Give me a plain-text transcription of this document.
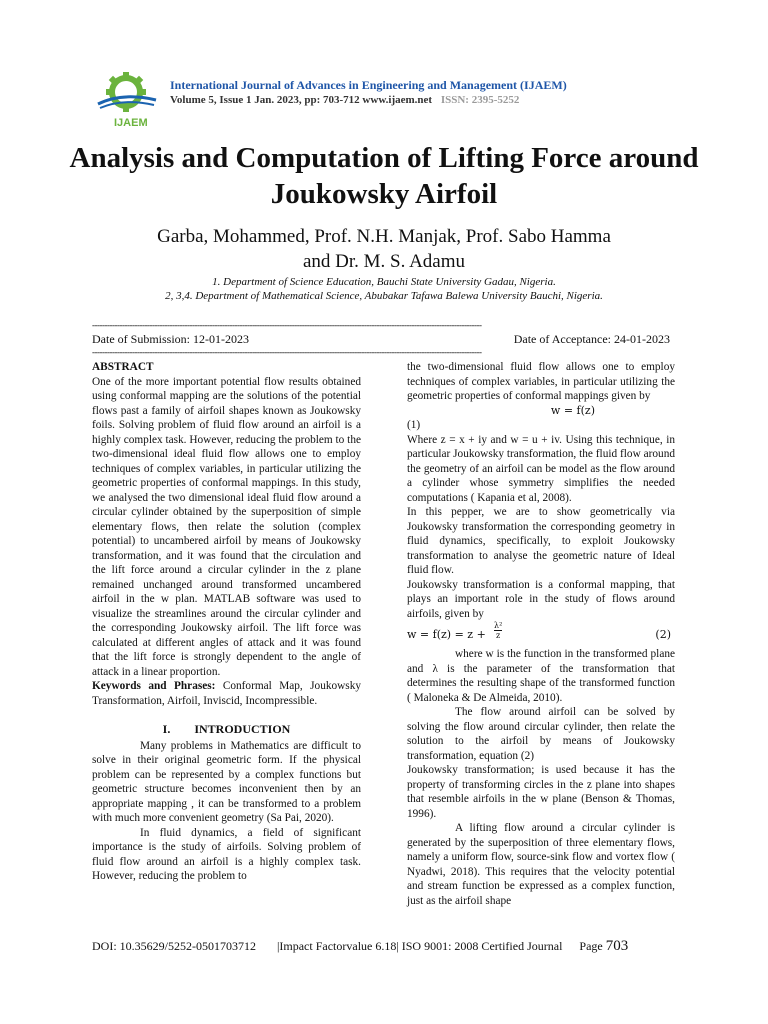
IJAEM
International Journal of Advances in Engineering and Management (IJAEM)
Volume 5, Issue 1 Jan. 2023, pp: 703-712 www.ijaem.net ISSN: 2395-5252
Analysis and Computation of Lifting Force around Joukowsky Airfoil
Garba, Mohammed, Prof. N.H. Manjak, Prof. Sabo Hamma
and Dr. M. S. Adamu
1. Department of Science Education, Bauchi State University Gadau, Nigeria.
2, 3,4. Department of Mathematical Science, Abubakar Tafawa Balewa University Bauchi, Nigeria.
------------------------------------------------------------------------------------------------------------------------------------------------------------
Date of Submission: 12-01-2023	Date of Acceptance: 24-01-2023
------------------------------------------------------------------------------------------------------------------------------------------------------------

ABSTRACT

One of the more important potential flow results obtained using conformal mapping are the solutions of the potential flows past a family of airfoil shapes known as Joukowsky foils. Solving problem of fluid flow around an airfoil is a highly complex task. However, reducing the problem to the two-dimensional ideal fluid flow allows one to employ techniques of complex variables, in particular utilizing the geometric properties of conformal mappings. In this study, we analysed the two dimensional ideal fluid flow around a circular cylinder obtained by the superposition of simple elementary flows, then relate the solution (complex potential) to uncambered airfoil by means of Joukowsky transformation, and it was found that the circulation and the lift force around a circular cylinder in the z plane remained unchanged around transformed uncambered airfoil in the w plan. MATLAB software was used to visualize the streamlines around the circular cylinder and the corresponding Joukowsky airfoil. The lift force was calculated at different angles of attack and it was found that the lift force is strongly dependent to the angle of attack in a linear proportion.

Keywords and Phrases: Conformal Map, Joukowsky Transformation, Airfoil, Inviscid, Incompressible.

I.        INTRODUCTION

Many problems in Mathematics are difficult to solve in their original geometric form. If the physical problem can be represented by a complex functions but geometric structure becomes inconvenient then by an appropriate mapping , it can be transformed to a problem with much more convenient geometry (Sa Pai, 2020).

In fluid dynamics, a field of significant importance is the study of airfoils. Solving problem of fluid flow around an airfoil is a highly complex task. However, reducing the problem to

the two-dimensional fluid flow allows one to employ techniques of complex variables, in particular utilizing the geometric properties of conformal mappings given by

w = f(z)

(1)

Where z = x + iy and w = u + iv. Using this technique, in particular Joukowsky transformation, the fluid flow around the geometry of an airfoil can be model as the flow around a cylinder whose symmetry simplifies the needed computations ( Kapania et al, 2008).

In this pepper, we are to show geometrically via Joukowsky transformation the corresponding geometry in fluid dynamics, specifically, to exploit Joukowsky transformation to analyse the geometric nature of Ideal fluid flow.

Joukowsky transformation is a conformal mapping, that plays an important role in the study of flows around airfoils, given by

$w = f(z) = z + \frac{\text{λ²}}{z}$	(2)

where w is the function in the transformed plane and λ is the parameter of the transformation that determines the resulting shape of the transformed function ( Maloneka & De Almeida, 2010).

The flow around airfoil can be solved by solving the flow around circular cylinder, then relate the solution to the airfoil by means of Joukowsky transformation, equation (2)

Joukowsky transformation; is used because it has the property of transforming circles in the z plane into shapes that resemble airfoils in the w plane (Benson & Thomas, 1996).

A lifting flow around a circular cylinder is generated by the superposition of three elementary flows, namely a uniform flow, source-sink flow and vortex flow ( Nyadwi, 2018). This requires that the velocity potential and stream function be expressed as a complex function, just as the airfoil shape

DOI: 10.35629/5252-0501703712 |Impact Factorvalue 6.18| ISO 9001: 2008 Certified Journal Page 703
